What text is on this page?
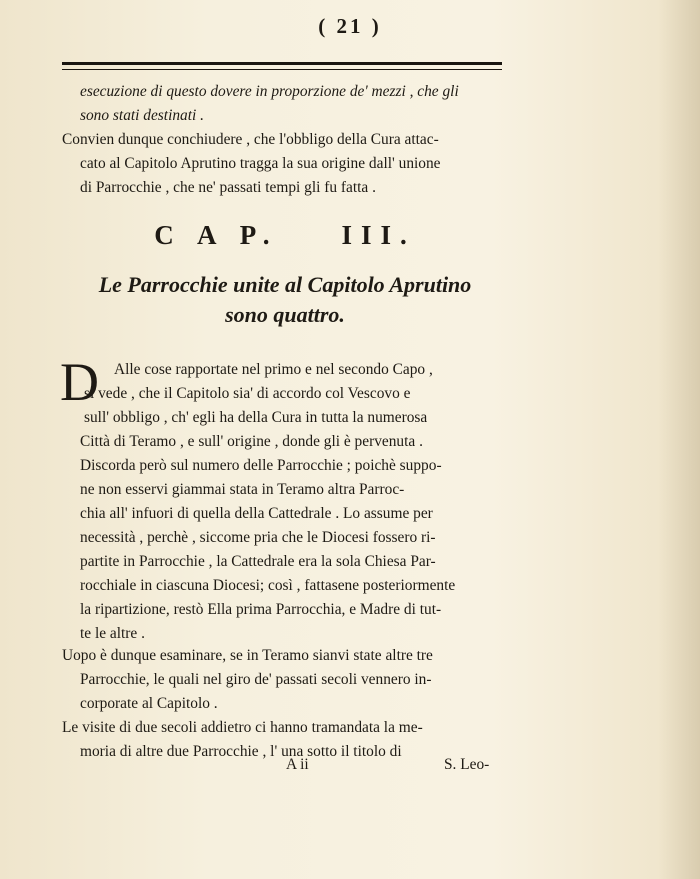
( 21 )
esecuzione di questo dovere in proporzione de' mezzi , che gli
sono stati destinati .
Convien dunque conchiudere , che l'obbligo della Cura attac-
cato al Capitolo Aprutino tragga la sua origine dall' unione
di Parrocchie , che ne' passati tempi gli fu fatta .
C A P.    III.
Le Parrocchie unite al Capitolo Aprutino
sono quattro.
D Alle cose rapportate nel primo e nel secondo Capo ,
si vede , che il Capitolo sia' di accordo col Vescovo e
sull' obbligo , ch' egli ha della Cura in tutta la numerosa
Città di Teramo , e sull' origine , donde gli è pervenuta .
Discorda però sul numero delle Parrocchie ; poichè suppo-
ne non esservi giammai stata in Teramo altra Parroc-
chia all' infuori di quella della Cattedrale . Lo assume per
necessità , perchè , siccome pria che le Diocesi fossero ri-
partite in Parrocchie , la Cattedrale era la sola Chiesa Par-
rocchiale in ciascuna Diocesi; così , fattasene posteriormente
la ripartizione, restò Ella prima Parrocchia, e Madre di tut-
te le altre .
Uopo è dunque esaminare, se in Teramo sianvi state altre tre
Parrocchie, le quali nel giro de' passati secoli vennero in-
corporate al Capitolo .
Le visite di due secoli addietro ci hanno tramandata la me-
moria di altre due Parrocchie , l' una sotto il titolo di
A ii	S. Leo-
